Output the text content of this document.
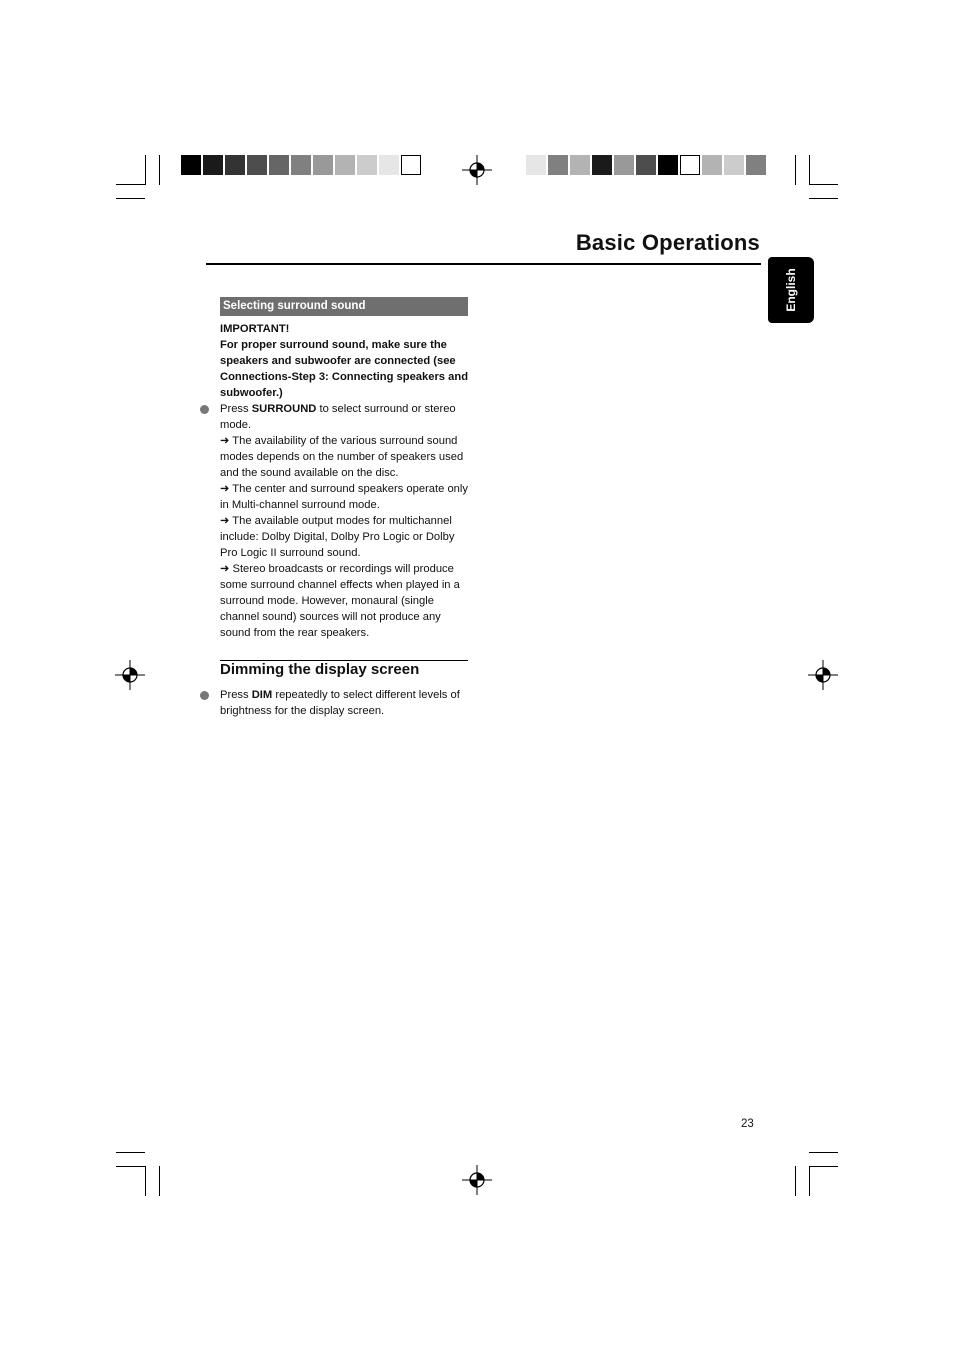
Basic Operations
English
Selecting surround sound

IMPORTANT!

For proper surround sound, make sure the speakers and subwoofer are connected (see Connections-Step 3: Connecting speakers and subwoofer.)

Press SURROUND to select surround or stereo mode.

➜ The availability of the various surround sound modes depends on the number of speakers used and the sound available on the disc.

➜ The center and surround speakers operate only in Multi-channel surround mode.

➜ The available output modes for multichannel include: Dolby Digital, Dolby Pro Logic or Dolby Pro Logic II surround sound.

➜ Stereo broadcasts or recordings will produce some surround channel effects when played in a surround mode. However, monaural (single channel sound) sources will not produce any sound from the rear speakers.

Dimming the display screen

Press DIM repeatedly to select different levels of brightness for the display screen.

23
